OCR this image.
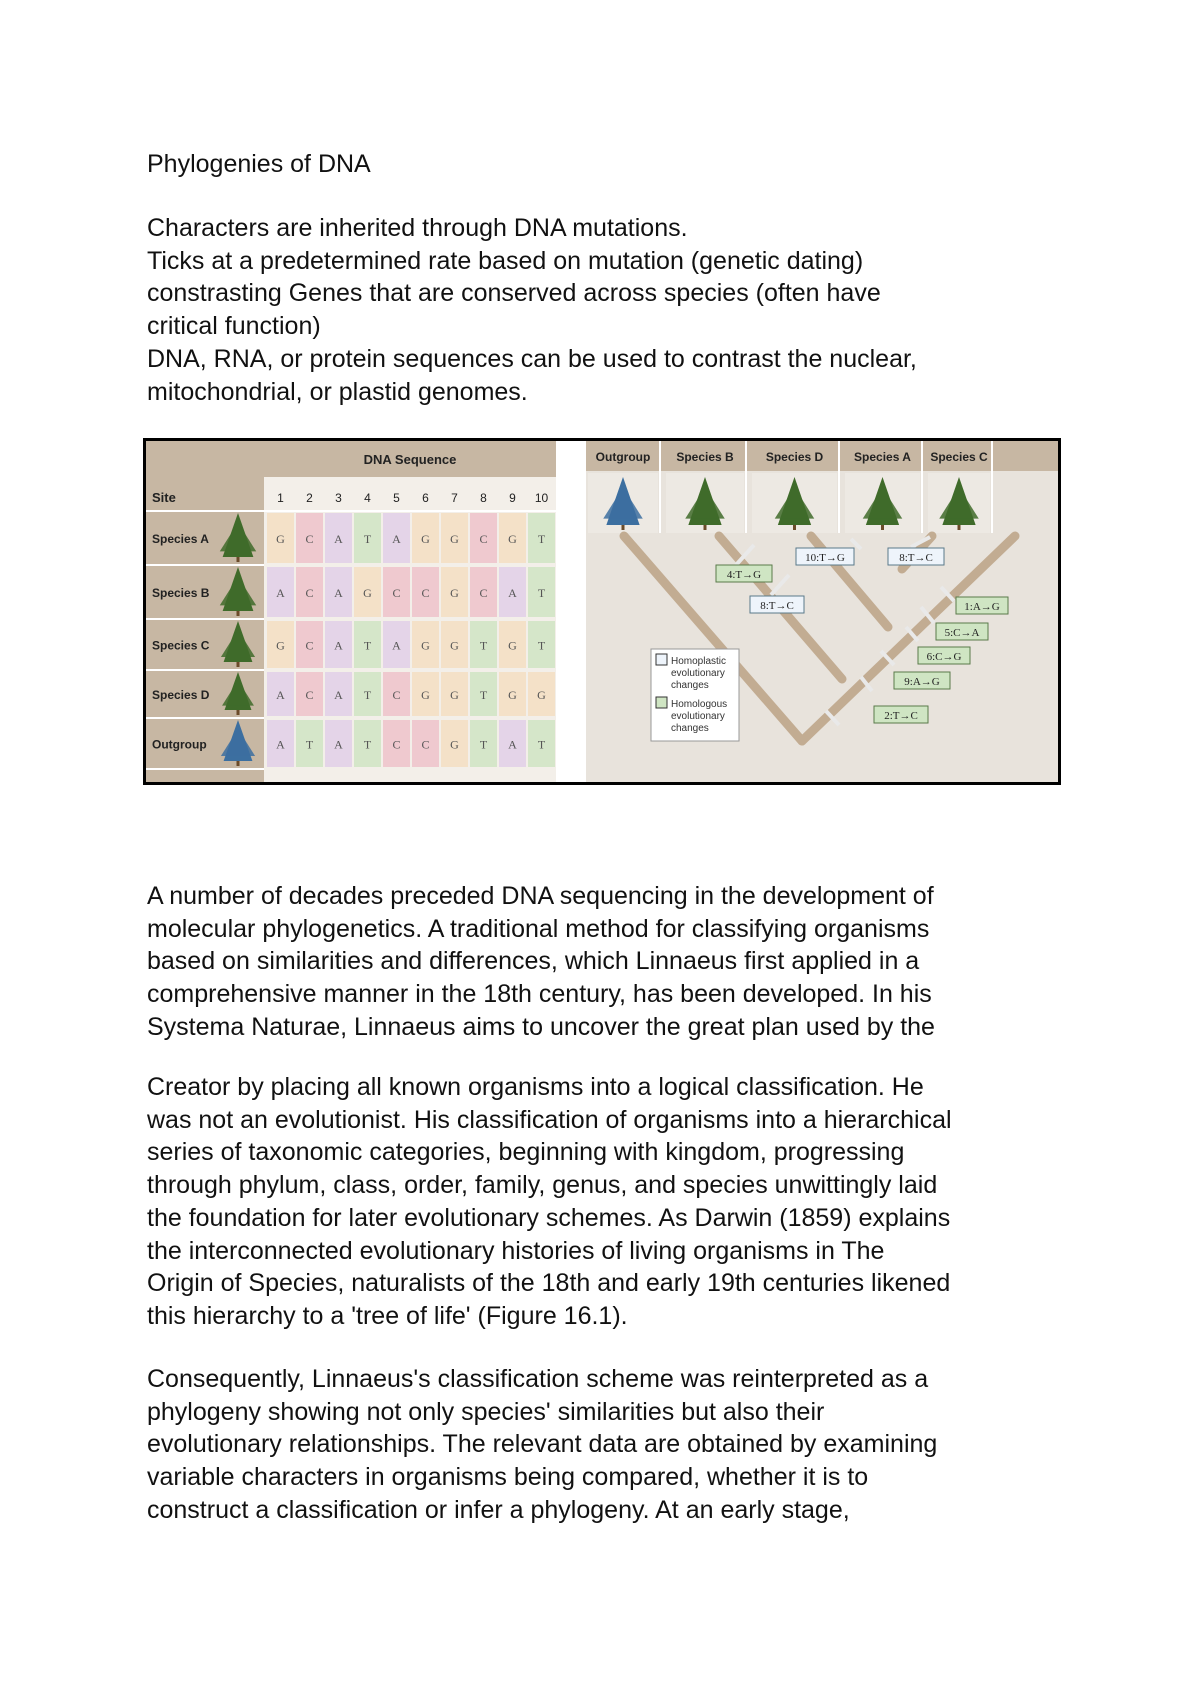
Phylogenies of DNA
Characters are inherited through DNA mutations.
Ticks at a predetermined rate based on mutation (genetic dating)
constrasting Genes that are conserved across species (often have
critical function)
DNA, RNA, or protein sequences can be used to contrast the nuclear,
mitochondrial, or plastid genomes.
DNA Sequence
Site	1 2 3 4 5 6 7 8 9 10
Species A	G C A T A G G C G T
Species B	A C A G C C G C A T
Species C	G C A T A G G T G T
Species D	A C A T C G G T G G
Outgroup	A T A T C C G T A T
Outgroup Species B	Species D	Species A Species C
4:T→G
10:T→G
8:T→C
8:T→C
1:A→G
5:C→A
6:C→G
9:A→G
2:T→C
Homoplastic
evolutionary
changes
Homologous
evolutionary
changes
A number of decades preceded DNA sequencing in the development of
molecular phylogenetics. A traditional method for classifying organisms
based on similarities and differences, which Linnaeus first applied in a
comprehensive manner in the 18th century, has been developed. In his
Systema Naturae, Linnaeus aims to uncover the great plan used by the
Creator by placing all known organisms into a logical classification. He
was not an evolutionist. His classification of organisms into a hierarchical
series of taxonomic categories, beginning with kingdom, progressing
through phylum, class, order, family, genus, and species unwittingly laid
the foundation for later evolutionary schemes. As Darwin (1859) explains
the interconnected evolutionary histories of living organisms in The
Origin of Species, naturalists of the 18th and early 19th centuries likened
this hierarchy to a 'tree of life' (Figure 16.1).
Consequently, Linnaeus's classification scheme was reinterpreted as a
phylogeny showing not only species' similarities but also their
evolutionary relationships. The relevant data are obtained by examining
variable characters in organisms being compared, whether it is to
construct a classification or infer a phylogeny. At an early stage,
